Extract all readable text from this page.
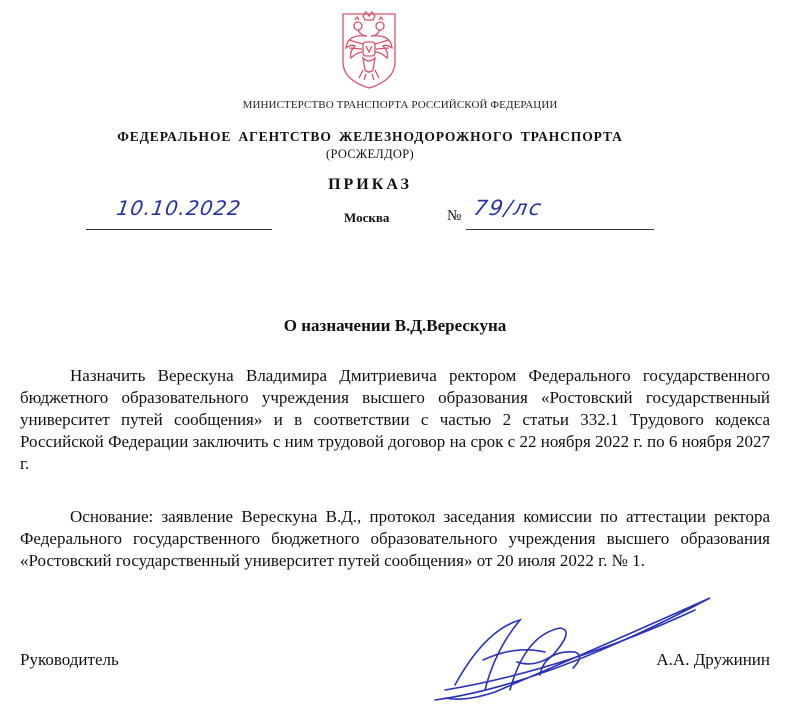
МИНИСТЕРСТВО ТРАНСПОРТА РОССИЙСКОЙ ФЕДЕРАЦИИ
ФЕДЕРАЛЬНОЕ АГЕНТСТВО ЖЕЛЕЗНОДОРОЖНОГО ТРАНСПОРТА
(РОСЖЕЛДОР)
ПРИКАЗ
10.10.2022	Москва	№ 79/лс
О назначении В.Д.Верескуна

Назначить Верескуна Владимира Дмитриевича ректором Федерального государственного бюджетного образовательного учреждения высшего образования «Ростовский государственный университет путей сообщения» и в соответствии с частью 2 статьи 332.1 Трудового кодекса Российской Федерации заключить с ним трудовой договор на срок с 22 ноября 2022 г. по 6 ноября 2027 г.

Основание: заявление Верескуна В.Д., протокол заседания комиссии по аттестации ректора Федерального государственного бюджетного образовательного учреждения высшего образования «Ростовский государственный университет путей сообщения» от 20 июля 2022 г. № 1.

Руководитель	А.А. Дружинин
